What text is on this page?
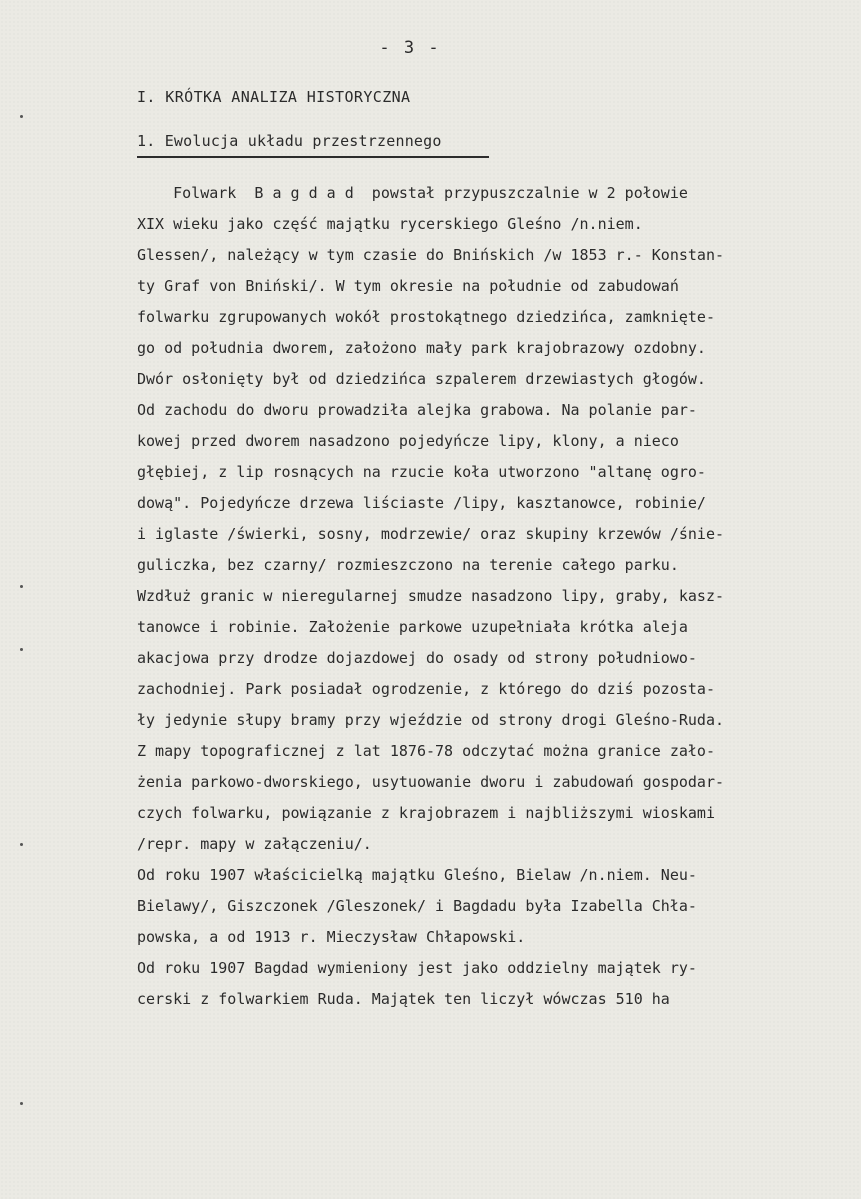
- 3 -
I. KRÓTKA ANALIZA HISTORYCZNA
1. Ewolucja układu przestrzennego
Folwark  B a g d a d  powstał przypuszczalnie w 2 połowie
XIX wieku jako część majątku rycerskiego Gleśno /n.niem.
Glessen/, należący w tym czasie do Bnińskich /w 1853 r.- Konstan-
ty Graf von Bniński/. W tym okresie na południe od zabudowań
folwarku zgrupowanych wokół prostokątnego dziedzińca, zamknięte-
go od południa dworem, założono mały park krajobrazowy ozdobny.
Dwór osłonięty był od dziedzińca szpalerem drzewiastych głogów.
Od zachodu do dworu prowadziła alejka grabowa. Na polanie par-
kowej przed dworem nasadzono pojedyńcze lipy, klony, a nieco
głębiej, z lip rosnących na rzucie koła utworzono "altanę ogro-
dową". Pojedyńcze drzewa liściaste /lipy, kasztanowce, robinie/
i iglaste /świerki, sosny, modrzewie/ oraz skupiny krzewów /śnie-
guliczka, bez czarny/ rozmieszczono na terenie całego parku.
Wzdłuż granic w nieregularnej smudze nasadzono lipy, graby, kasz-
tanowce i robinie. Założenie parkowe uzupełniała krótka aleja
akacjowa przy drodze dojazdowej do osady od strony południowo-
zachodniej. Park posiadał ogrodzenie, z którego do dziś pozosta-
ły jedynie słupy bramy przy wjeździe od strony drogi Gleśno-Ruda.
Z mapy topograficznej z lat 1876-78 odczytać można granice zało-
żenia parkowo-dworskiego, usytuowanie dworu i zabudowań gospodar-
czych folwarku, powiązanie z krajobrazem i najbliższymi wioskami
/repr. mapy w załączeniu/.
Od roku 1907 właścicielką majątku Gleśno, Bielaw /n.niem. Neu-
Bielawy/, Giszczonek /Gleszonek/ i Bagdadu była Izabella Chła-
powska, a od 1913 r. Mieczysław Chłapowski.
Od roku 1907 Bagdad wymieniony jest jako oddzielny majątek ry-
cerski z folwarkiem Ruda. Majątek ten liczył wówczas 510 ha
